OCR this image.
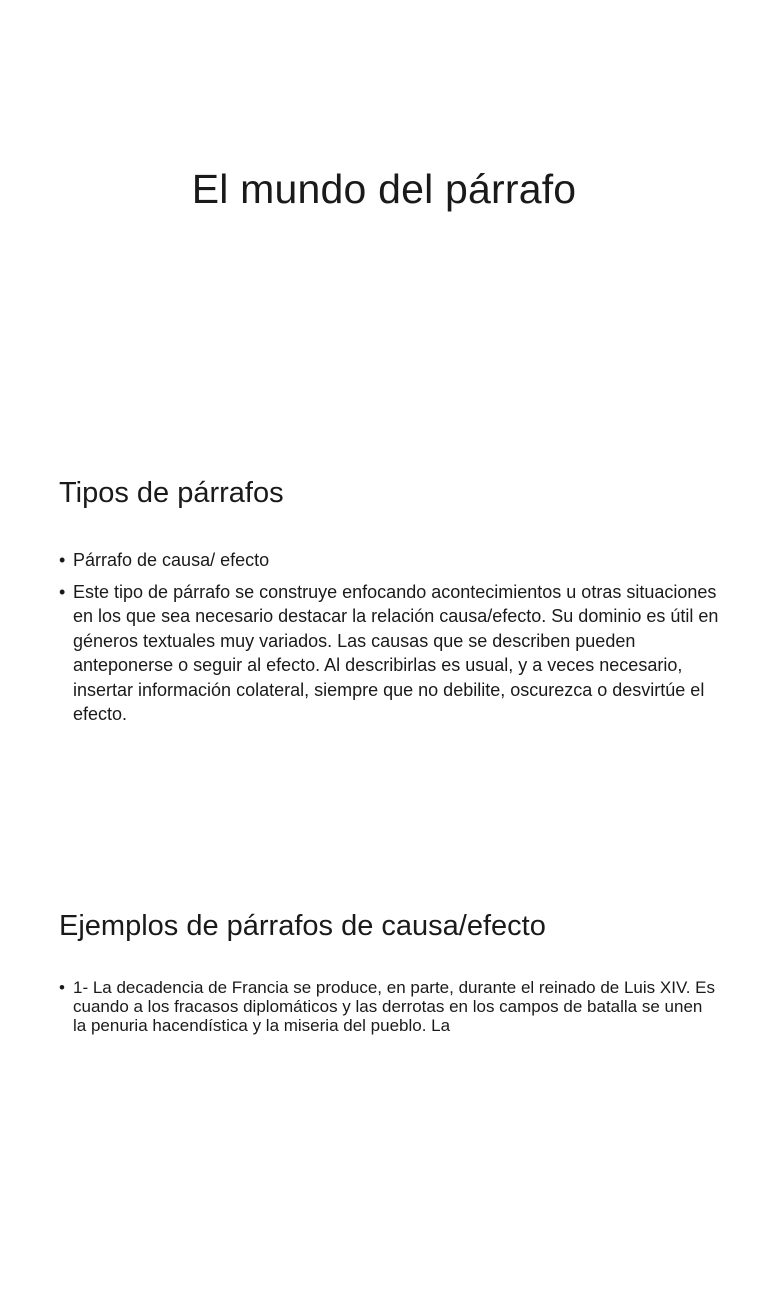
El mundo del párrafo
Tipos de párrafos
• Párrafo de causa/ efecto
• Este tipo de párrafo se construye enfocando acontecimientos u otras situaciones en los que sea necesario destacar la relación causa/efecto. Su dominio es útil en géneros textuales muy variados. Las causas que se describen pueden anteponerse o seguir al efecto. Al describirlas es usual, y a veces necesario, insertar información colateral, siempre que no debilite, oscurezca o desvirtúe el efecto.
Ejemplos de párrafos de causa/efecto
• 1- La decadencia de Francia se produce, en parte, durante el reinado de Luis XIV. Es cuando a los fracasos diplomáticos y las derrotas en los campos de batalla se unen la penuria hacendística y la miseria del pueblo. La
